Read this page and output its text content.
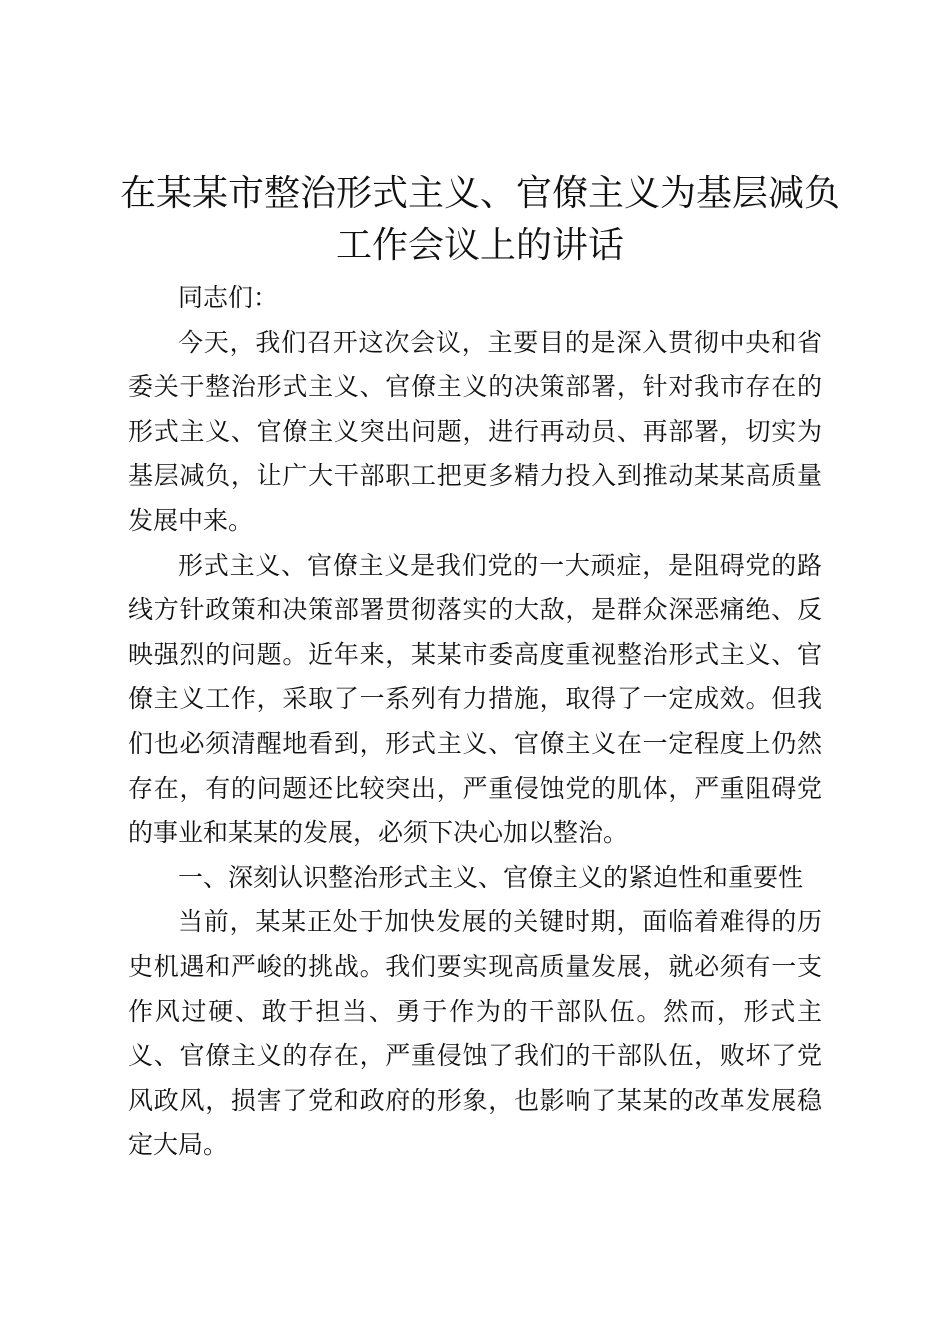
在某某市整治形式主义、官僚主义为基层减负
工作会议上的讲话

同志们：

今天，我们召开这次会议，主要目的是深入贯彻中央和省委关于整治形式主义、官僚主义的决策部署，针对我市存在的形式主义、官僚主义突出问题，进行再动员、再部署，切实为基层减负，让广大干部职工把更多精力投入到推动某某高质量发展中来。

形式主义、官僚主义是我们党的一大顽症，是阻碍党的路线方针政策和决策部署贯彻落实的大敌，是群众深恶痛绝、反映强烈的问题。近年来，某某市委高度重视整治形式主义、官僚主义工作，采取了一系列有力措施，取得了一定成效。但我们也必须清醒地看到，形式主义、官僚主义在一定程度上仍然存在，有的问题还比较突出，严重侵蚀党的肌体，严重阻碍党的事业和某某的发展，必须下决心加以整治。

一、深刻认识整治形式主义、官僚主义的紧迫性和重要性

当前，某某正处于加快发展的关键时期，面临着难得的历史机遇和严峻的挑战。我们要实现高质量发展，就必须有一支作风过硬、敢于担当、勇于作为的干部队伍。然而，形式主义、官僚主义的存在，严重侵蚀了我们的干部队伍，败坏了党风政风，损害了党和政府的形象，也影响了某某的改革发展稳定大局。
